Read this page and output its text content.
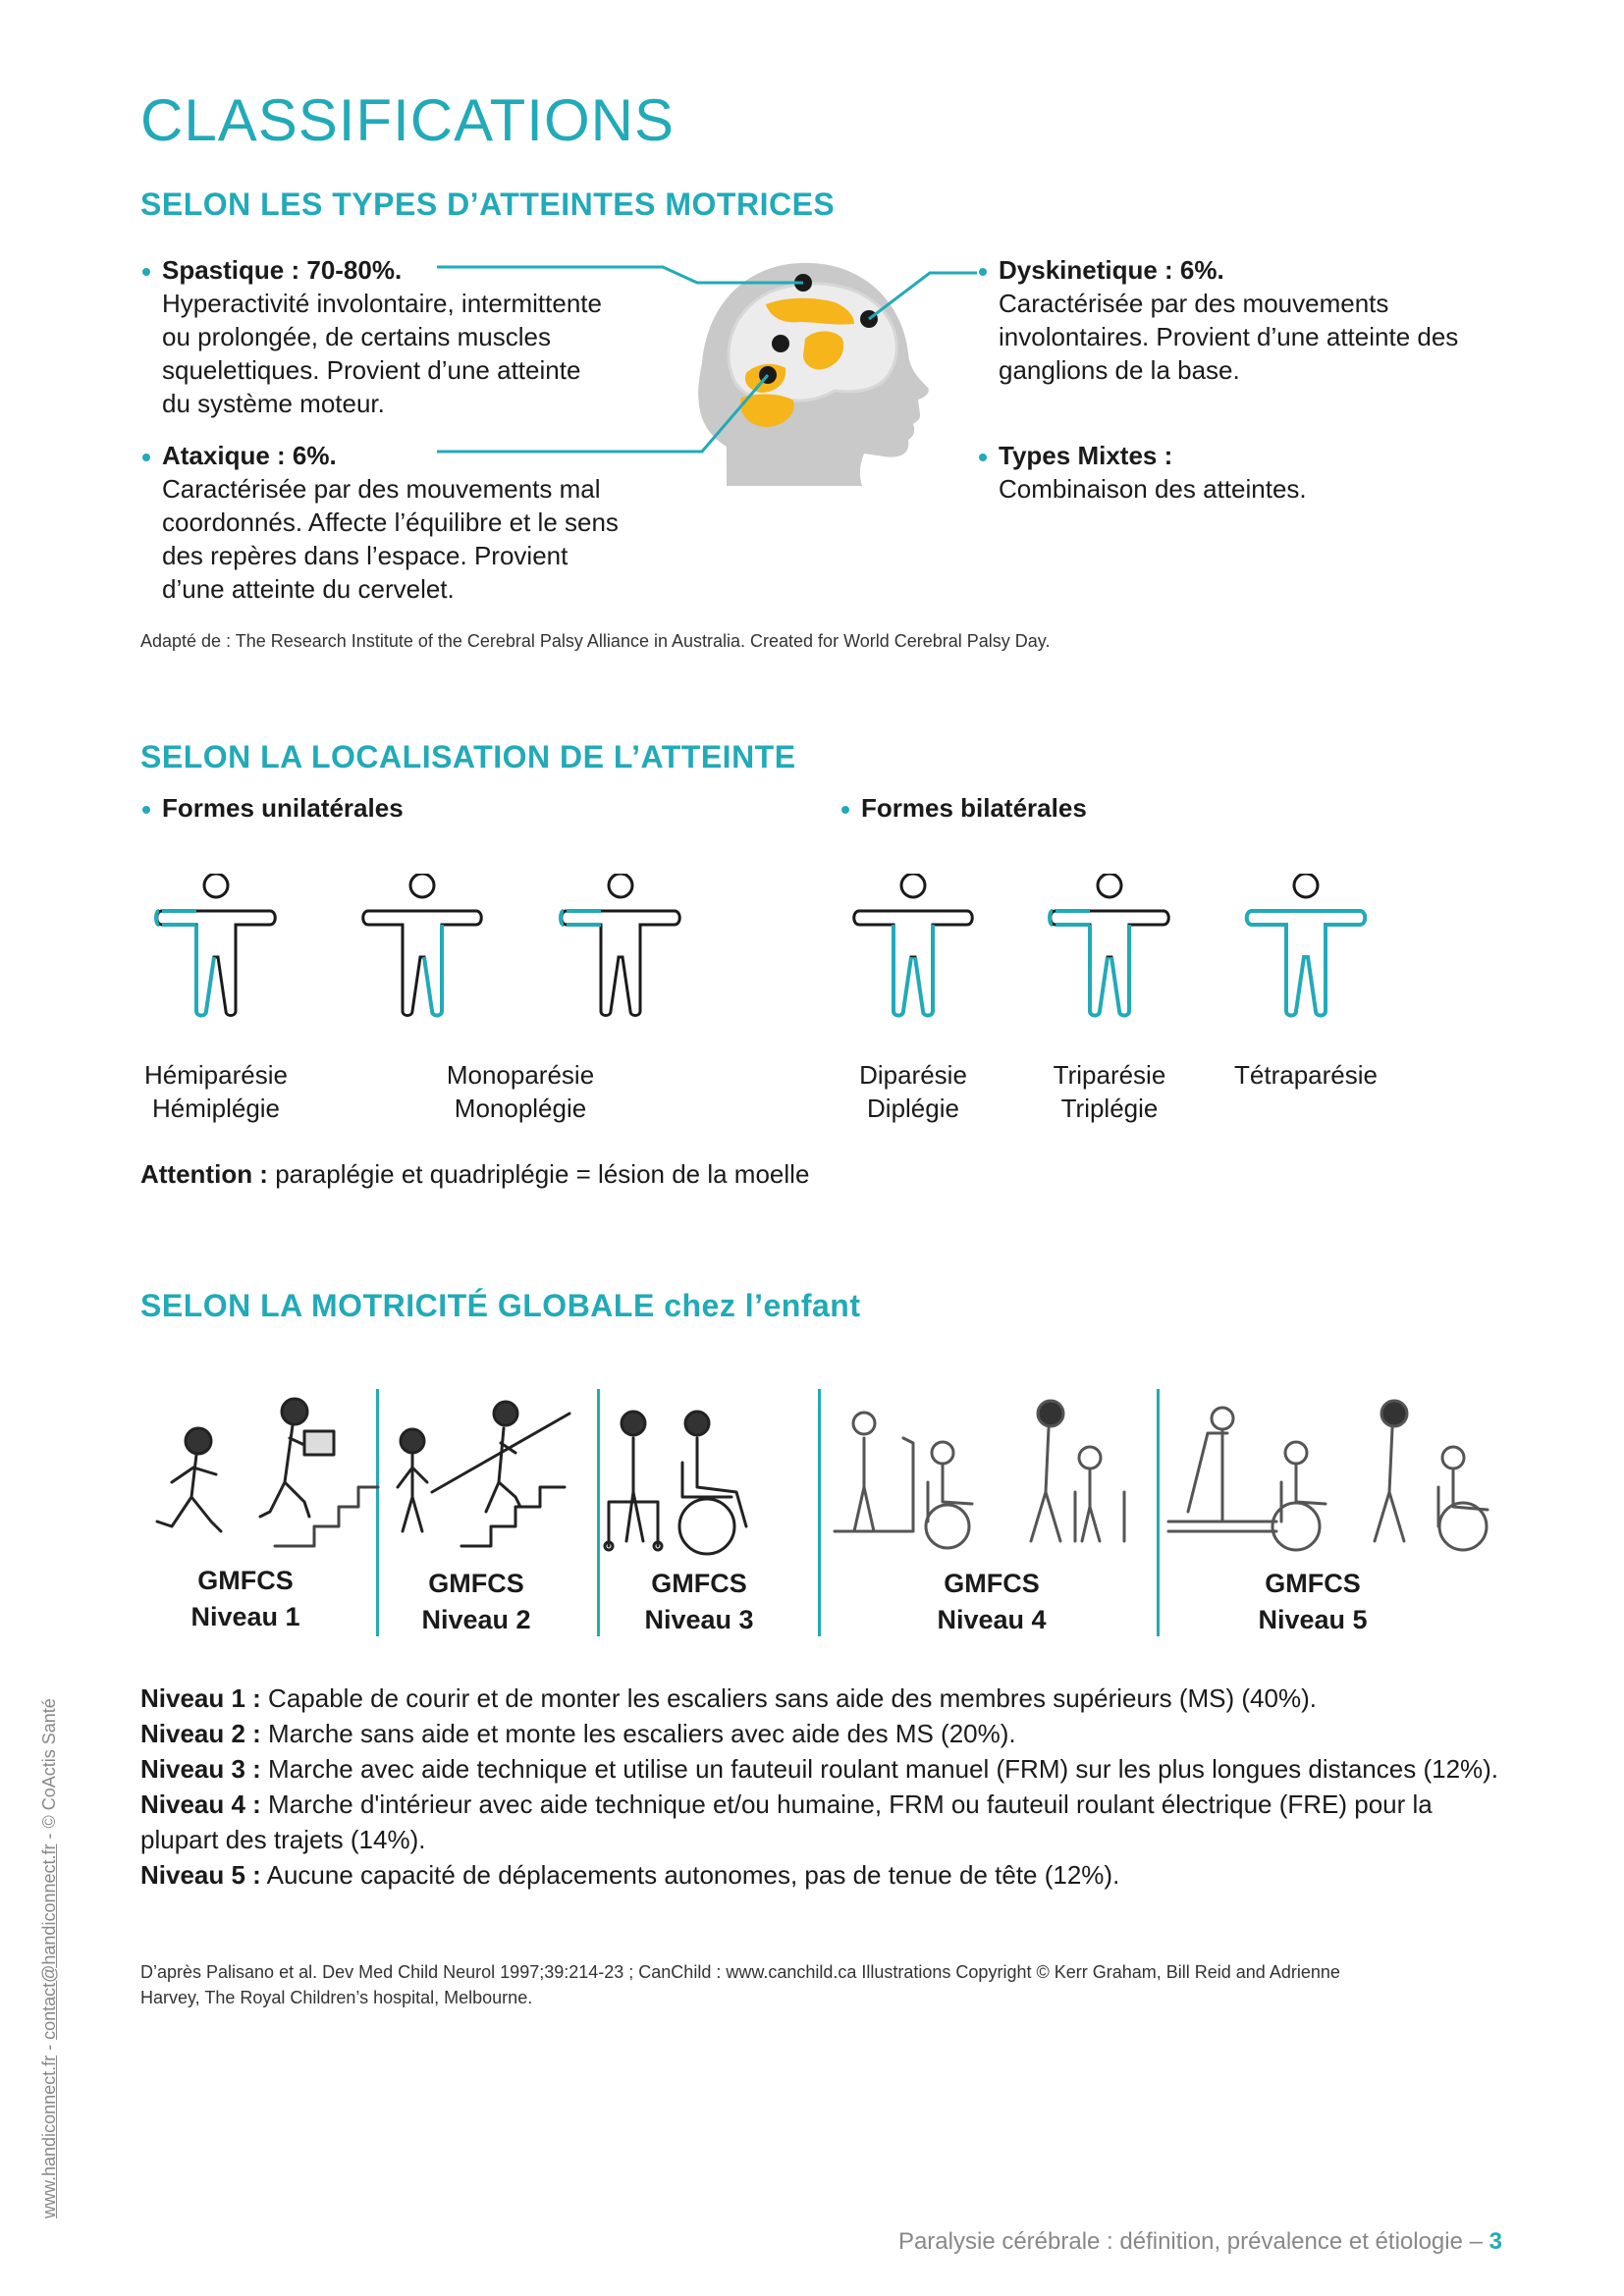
CLASSIFICATIONS
SELON LES TYPES D’ATTEINTES MOTRICES
Spastique : 70-80%.
Hyperactivité involontaire, intermittente
ou prolongée, de certains muscles
squelettiques. Provient d’une atteinte
du système moteur.
Ataxique : 6%.
Caractérisée par des mouvements mal
coordonnés. Affecte l’équilibre et le sens
des repères dans l’espace. Provient
d’une atteinte du cervelet.
Dyskinetique : 6%.
Caractérisée par des mouvements
involontaires. Provient d’une atteinte des
ganglions de la base.
Types Mixtes :
Combinaison des atteintes.
Adapté de : The Research Institute of the Cerebral Palsy Alliance in Australia. Created for World Cerebral Palsy Day.
SELON LA LOCALISATION DE L’ATTEINTE
Formes unilatérales	Formes bilatérales
Hémiparésie
Hémiplégie
Monoparésie
Monoplégie
Diparésie
Diplégie
Triparésie
Triplégie
Tétraparésie
Attention : paraplégie et quadriplégie = lésion de la moelle
SELON LA MOTRICITÉ GLOBALE chez l’enfant
GMFCS
Niveau 1
GMFCS
Niveau 2
GMFCS
Niveau 3
GMFCS
Niveau 4
GMFCS
Niveau 5
Niveau 1 : Capable de courir et de monter les escaliers sans aide des membres supérieurs (MS) (40%).
Niveau 2 : Marche sans aide et monte les escaliers avec aide des MS (20%).
Niveau 3 : Marche avec aide technique et utilise un fauteuil roulant manuel (FRM) sur les plus longues distances (12%).
Niveau 4 : Marche d'intérieur avec aide technique et/ou humaine, FRM ou fauteuil roulant électrique (FRE) pour la plupart des trajets (14%).
Niveau 5 : Aucune capacité de déplacements autonomes, pas de tenue de tête (12%).
D’après Palisano et al. Dev Med Child Neurol 1997;39:214-23 ; CanChild : www.canchild.ca Illustrations Copyright © Kerr Graham, Bill Reid and Adrienne
Harvey, The Royal Children’s hospital, Melbourne.
Paralysie cérébrale : définition, prévalence et étiologie – 3
www.handiconnect.fr - contact@handiconnect.fr - © CoActis Santé
